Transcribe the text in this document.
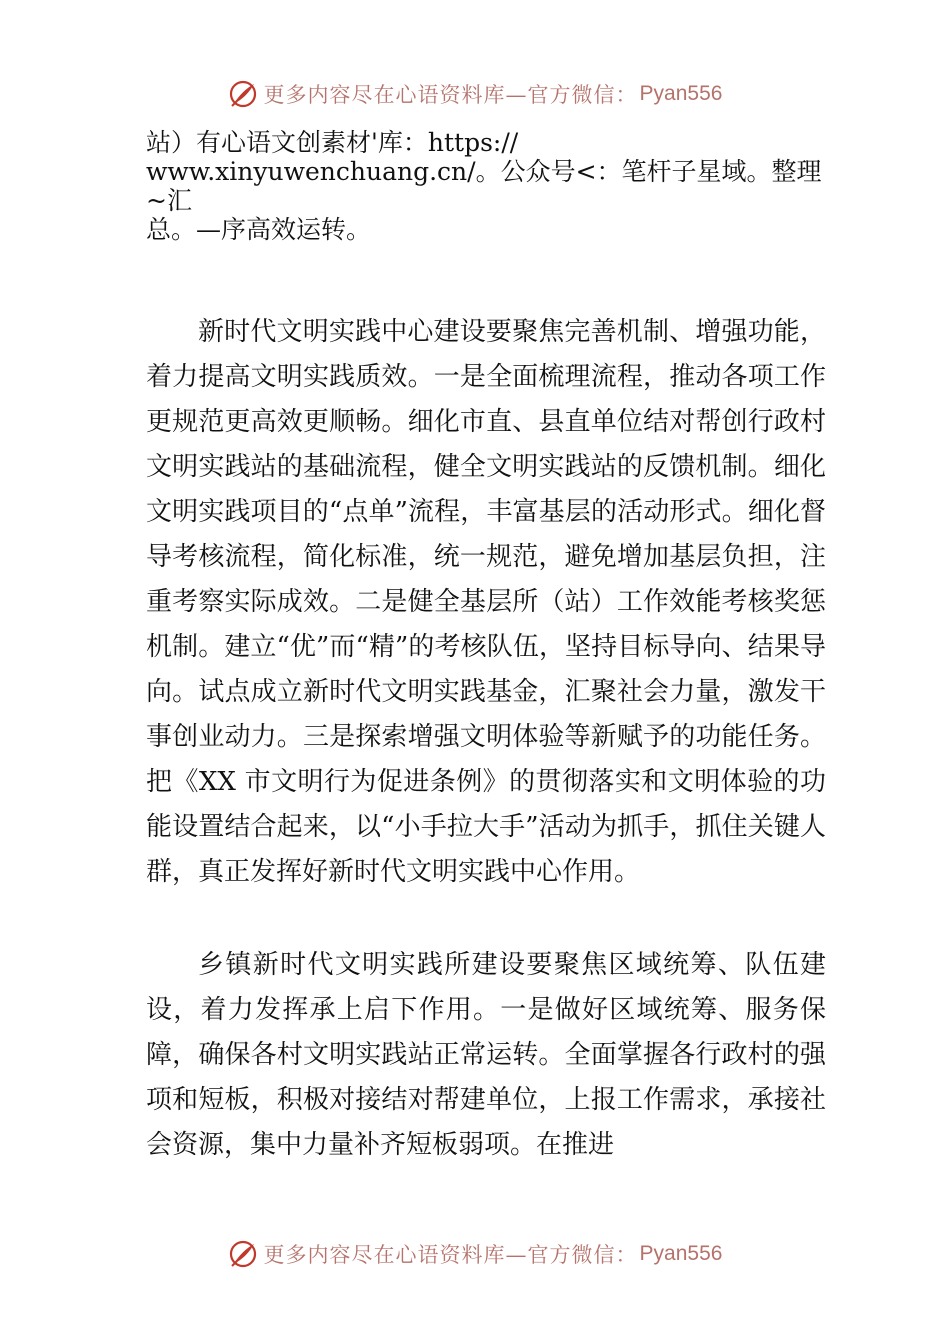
更多内容尽在心语资料库—官方微信： Pyan556

站）有心语文创素材'库：https://
www.xinyuwenchuang.cn/。公众号<：笔杆子星域。整理~汇
总。—序高效运转。

新时代文明实践中心建设要聚焦完善机制、增强功能，着力提高文明实践质效。一是全面梳理流程，推动各项工作更规范更高效更顺畅。细化市直、县直单位结对帮创行政村文明实践站的基础流程，健全文明实践站的反馈机制。细化文明实践项目的“点单”流程，丰富基层的活动形式。细化督导考核流程，简化标准，统一规范，避免增加基层负担，注重考察实际成效。二是健全基层所（站）工作效能考核奖惩机制。建立“优”而“精”的考核队伍，坚持目标导向、结果导向。试点成立新时代文明实践基金，汇聚社会力量，激发干事创业动力。三是探索增强文明体验等新赋予的功能任务。把《XX 市文明行为促进条例》的贯彻落实和文明体验的功能设置结合起来，以“小手拉大手”活动为抓手，抓住关键人群，真正发挥好新时代文明实践中心作用。

乡镇新时代文明实践所建设要聚焦区域统筹、队伍建设，着力发挥承上启下作用。一是做好区域统筹、服务保障，确保各村文明实践站正常运转。全面掌握各行政村的强项和短板，积极对接结对帮建单位，上报工作需求，承接社会资源，集中力量补齐短板弱项。在推进

更多内容尽在心语资料库—官方微信： Pyan556
